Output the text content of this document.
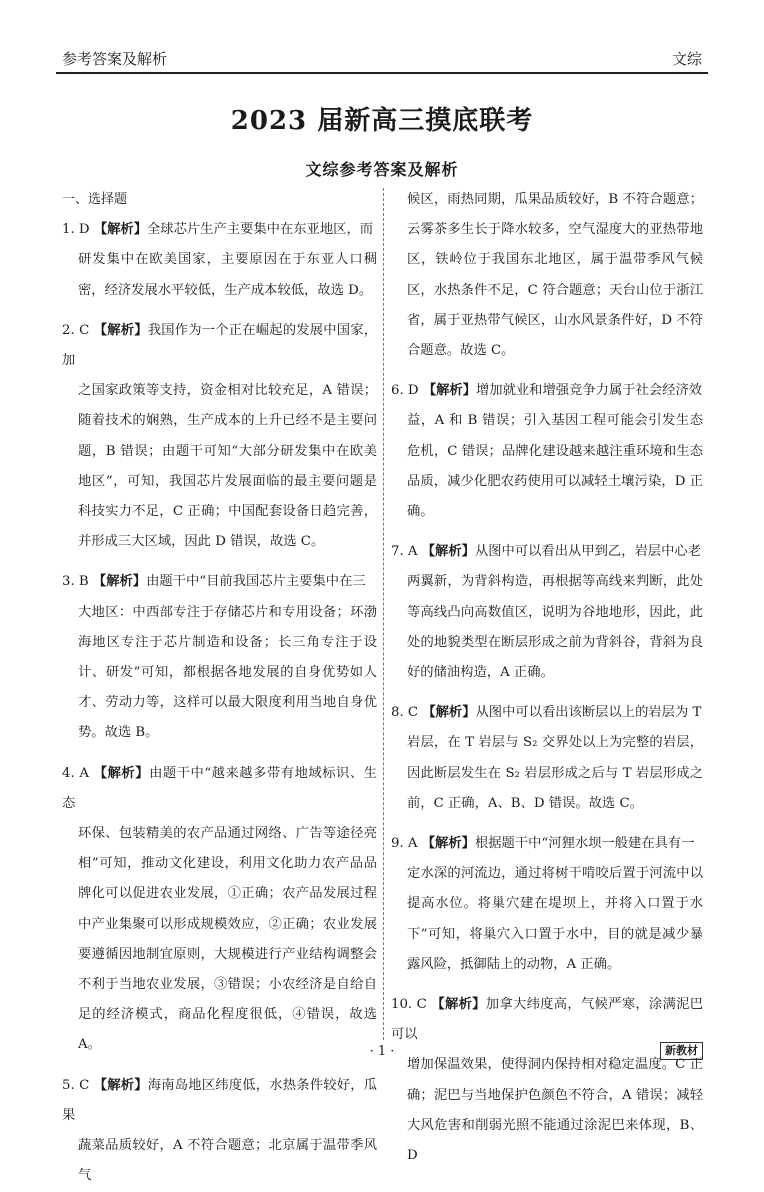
参考答案及解析	文综
2023 届新高三摸底联考
文综参考答案及解析
一、选择题

1. D 【解析】全球芯片生产主要集中在东亚地区，而

研发集中在欧美国家，主要原因在于东亚人口稠密，经济发展水平较低，生产成本较低，故选 D。

2. C 【解析】我国作为一个正在崛起的发展中国家，加

之国家政策等支持，资金相对比较充足，A 错误；随着技术的娴熟，生产成本的上升已经不是主要问题，B 错误；由题干可知“大部分研发集中在欧美地区”，可知，我国芯片发展面临的最主要问题是科技实力不足，C 正确；中国配套设备日趋完善，并形成三大区域，因此 D 错误，故选 C。

3. B 【解析】由题干中“目前我国芯片主要集中在三

大地区：中西部专注于存储芯片和专用设备；环渤海地区专注于芯片制造和设备；长三角专注于设计、研发”可知，都根据各地发展的自身优势如人才、劳动力等，这样可以最大限度利用当地自身优势。故选 B。

4. A 【解析】由题干中“越来越多带有地域标识、生态

环保、包装精美的农产品通过网络、广告等途径亮相”可知，推动文化建设，利用文化助力农产品品牌化可以促进农业发展，①正确；农产品发展过程中产业集聚可以形成规模效应，②正确；农业发展要遵循因地制宜原则，大规模进行产业结构调整会不利于当地农业发展，③错误；小农经济是自给自足的经济模式，商品化程度很低，④错误，故选 A。

5. C 【解析】海南岛地区纬度低，水热条件较好，瓜果

蔬菜品质较好，A 不符合题意；北京属于温带季风气

候区，雨热同期，瓜果品质较好，B 不符合题意；云雾茶多生长于降水较多，空气湿度大的亚热带地区，铁岭位于我国东北地区，属于温带季风气候区，水热条件不足，C 符合题意；天台山位于浙江省，属于亚热带气候区，山水风景条件好，D 不符合题意。故选 C。

6. D 【解析】增加就业和增强竞争力属于社会经济效

益，A 和 B 错误；引入基因工程可能会引发生态危机，C 错误；品牌化建设越来越注重环境和生态品质，减少化肥农药使用可以减轻土壤污染，D 正确。

7. A 【解析】从图中可以看出从甲到乙，岩层中心老

两翼新，为背斜构造，再根据等高线来判断，此处等高线凸向高数值区，说明为谷地地形，因此，此处的地貌类型在断层形成之前为背斜谷，背斜为良好的储油构造，A 正确。

8. C 【解析】从图中可以看出该断层以上的岩层为 T

岩层，在 T 岩层与 S₂ 交界处以上为完整的岩层，因此断层发生在 S₂ 岩层形成之后与 T 岩层形成之前，C 正确，A、B、D 错误。故选 C。

9. A 【解析】根据题干中“河狸水坝一般建在具有一

定水深的河流边，通过将树干啃咬后置于河流中以提高水位。将巢穴建在堤坝上，并将入口置于水下”可知，将巢穴入口置于水中，目的就是减少暴露风险，抵御陆上的动物，A 正确。

10. C 【解析】加拿大纬度高，气候严寒，涂满泥巴可以

增加保温效果，使得洞内保持相对稳定温度。C 正确；泥巴与当地保护色颜色不符合，A 错误；减轻大风危害和削弱光照不能通过涂泥巴来体现，B、D

· 1 ·	新教材
